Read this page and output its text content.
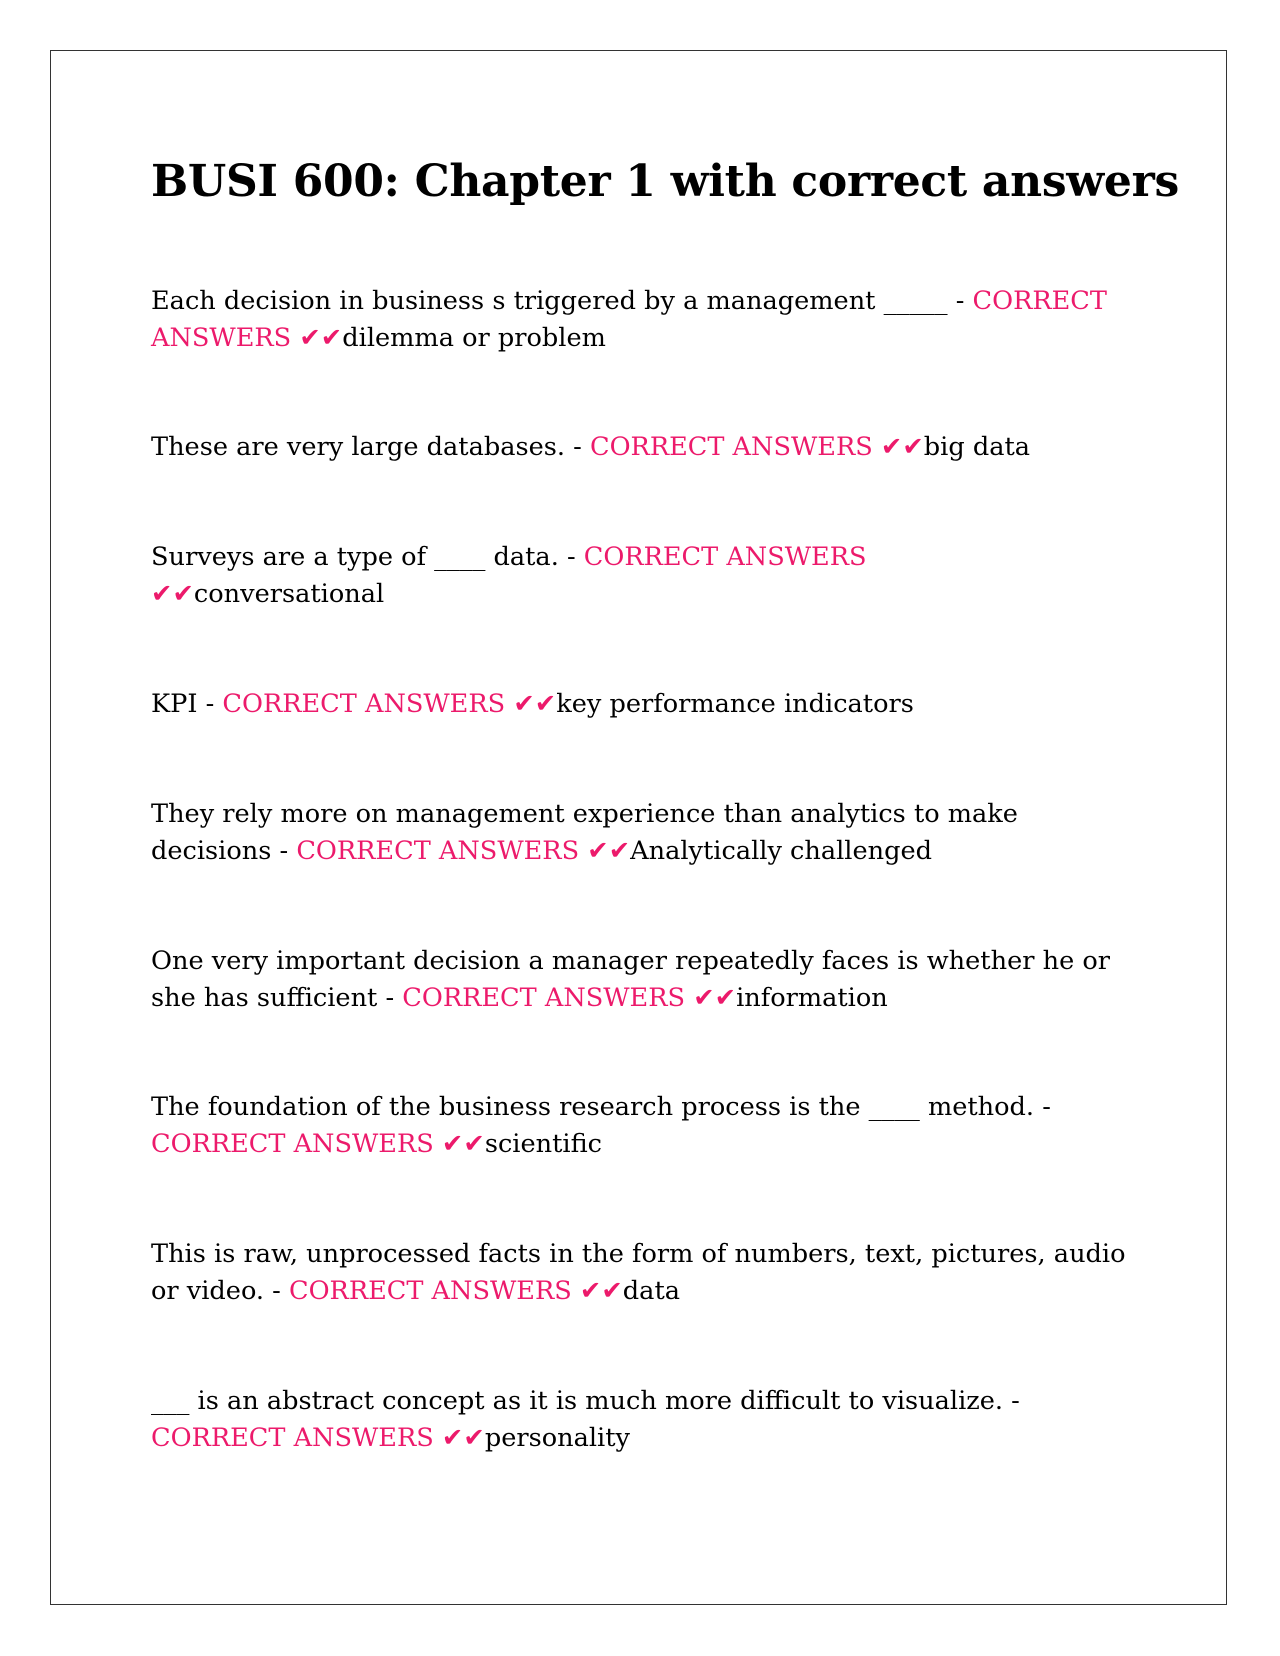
BUSI 600: Chapter 1 with correct answers

Each decision in business s triggered by a management _____ - CORRECT ANSWERS ✔✔dilemma or problem

These are very large databases. - CORRECT ANSWERS ✔✔big data

Surveys are a type of ____ data. - CORRECT ANSWERS
✔✔conversational

KPI - CORRECT ANSWERS ✔✔key performance indicators

They rely more on management experience than analytics to make decisions - CORRECT ANSWERS ✔✔Analytically challenged

One very important decision a manager repeatedly faces is whether he or she has sufficient - CORRECT ANSWERS ✔✔information

The foundation of the business research process is the ____ method. - CORRECT ANSWERS ✔✔scientific

This is raw, unprocessed facts in the form of numbers, text, pictures, audio or video. - CORRECT ANSWERS ✔✔data

___ is an abstract concept as it is much more difficult to visualize. - CORRECT ANSWERS ✔✔personality
